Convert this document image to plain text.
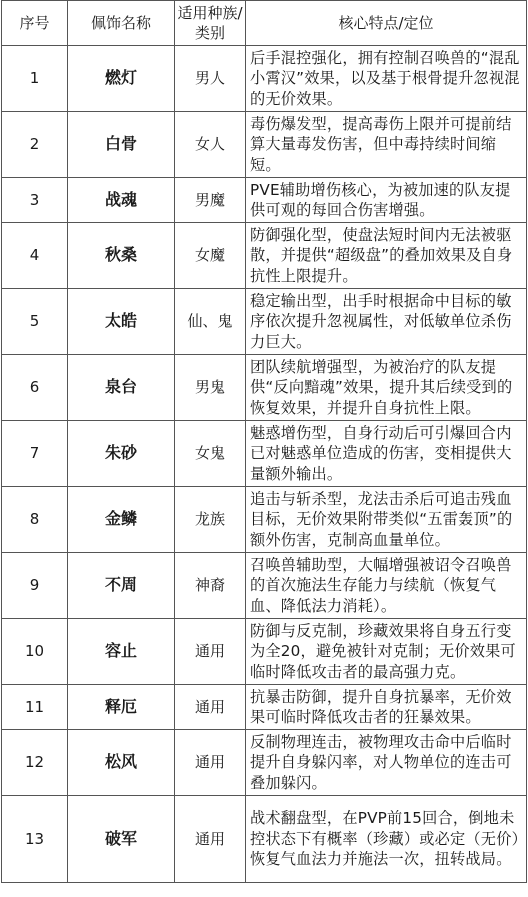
序号	佩饰名称	适用种族/类别	核心特点/定位
1	燃灯	男人	后手混控强化，拥有控制召唤兽的“混乱小霄汉”效果，以及基于根骨提升忽视混的无价效果。
2	白骨	女人	毒伤爆发型，提高毒伤上限并可提前结算大量毒发伤害，但中毒持续时间缩短。
3	战魂	男魔	PVE辅助增伤核心，为被加速的队友提供可观的每回合伤害增强。
4	秋桑	女魔	防御强化型，使盘法短时间内无法被驱散，并提供“超级盘”的叠加效果及自身抗性上限提升。
5	太皓	仙、鬼	稳定输出型，出手时根据命中目标的敏序依次提升忽视属性，对低敏单位杀伤力巨大。
6	泉台	男鬼	团队续航增强型，为被治疗的队友提供“反向黯魂”效果，提升其后续受到的恢复效果，并提升自身抗性上限。
7	朱砂	女鬼	魅惑增伤型，自身行动后可引爆回合内已对魅惑单位造成的伤害，变相提供大量额外输出。
8	金鳞	龙族	追击与斩杀型，龙法击杀后可追击残血目标，无价效果附带类似“五雷轰顶”的额外伤害，克制高血量单位。
9	不周	神裔	召唤兽辅助型，大幅增强被诏令召唤兽的首次施法生存能力与续航（恢复气血、降低法力消耗）。
10	容止	通用	防御与反克制，珍藏效果将自身五行变为全20，避免被针对克制；无价效果可临时降低攻击者的最高强力克。
11	释厄	通用	抗暴击防御，提升自身抗暴率，无价效果可临时降低攻击者的狂暴效果。
12	松风	通用	反制物理连击，被物理攻击命中后临时提升自身躲闪率，对人物单位的连击可叠加躲闪。
13	破军	通用	战术翻盘型，在PVP前15回合，倒地未控状态下有概率（珍藏）或必定（无价）恢复气血法力并施法一次，扭转战局。
